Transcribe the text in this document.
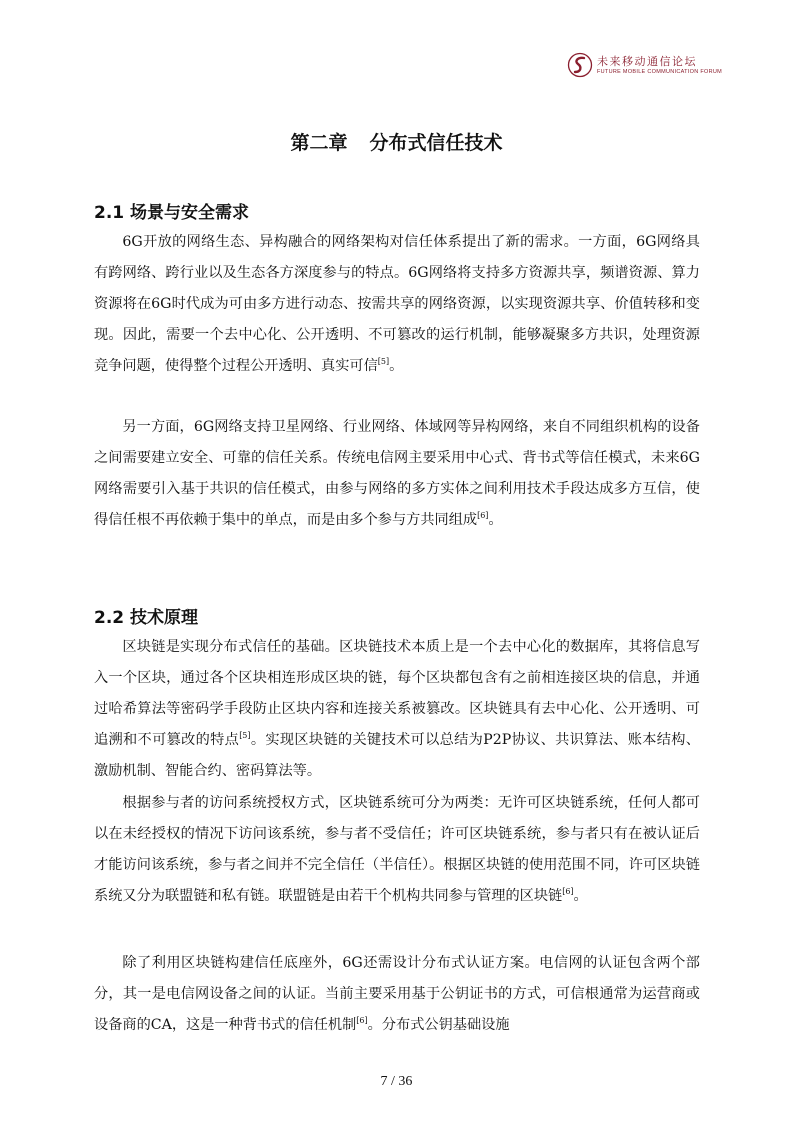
未来移动通信论坛
FUTURE MOBILE COMMUNICATION FORUM
第二章 分布式信任技术
2.1 场景与安全需求

6G开放的网络生态、异构融合的网络架构对信任体系提出了新的需求。一方面，6G网络具有跨网络、跨行业以及生态各方深度参与的特点。6G网络将支持多方资源共享，频谱资源、算力资源将在6G时代成为可由多方进行动态、按需共享的网络资源，以实现资源共享、价值转移和变现。因此，需要一个去中心化、公开透明、不可篡改的运行机制，能够凝聚多方共识，处理资源竞争问题，使得整个过程公开透明、真实可信[5]。

另一方面，6G网络支持卫星网络、行业网络、体域网等异构网络，来自不同组织机构的设备之间需要建立安全、可靠的信任关系。传统电信网主要采用中心式、背书式等信任模式，未来6G网络需要引入基于共识的信任模式，由参与网络的多方实体之间利用技术手段达成多方互信，使得信任根不再依赖于集中的单点，而是由多个参与方共同组成[6]。

2.2 技术原理

区块链是实现分布式信任的基础。区块链技术本质上是一个去中心化的数据库，其将信息写入一个区块，通过各个区块相连形成区块的链，每个区块都包含有之前相连接区块的信息，并通过哈希算法等密码学手段防止区块内容和连接关系被篡改。区块链具有去中心化、公开透明、可追溯和不可篡改的特点[5]。实现区块链的关键技术可以总结为P2P协议、共识算法、账本结构、激励机制、智能合约、密码算法等。

根据参与者的访问系统授权方式，区块链系统可分为两类：无许可区块链系统，任何人都可以在未经授权的情况下访问该系统，参与者不受信任；许可区块链系统，参与者只有在被认证后才能访问该系统，参与者之间并不完全信任（半信任）。根据区块链的使用范围不同，许可区块链系统又分为联盟链和私有链。联盟链是由若干个机构共同参与管理的区块链[6]。

除了利用区块链构建信任底座外，6G还需设计分布式认证方案。电信网的认证包含两个部分，其一是电信网设备之间的认证。当前主要采用基于公钥证书的方式，可信根通常为运营商或设备商的CA，这是一种背书式的信任机制[6]。分布式公钥基础设施

7 / 36
